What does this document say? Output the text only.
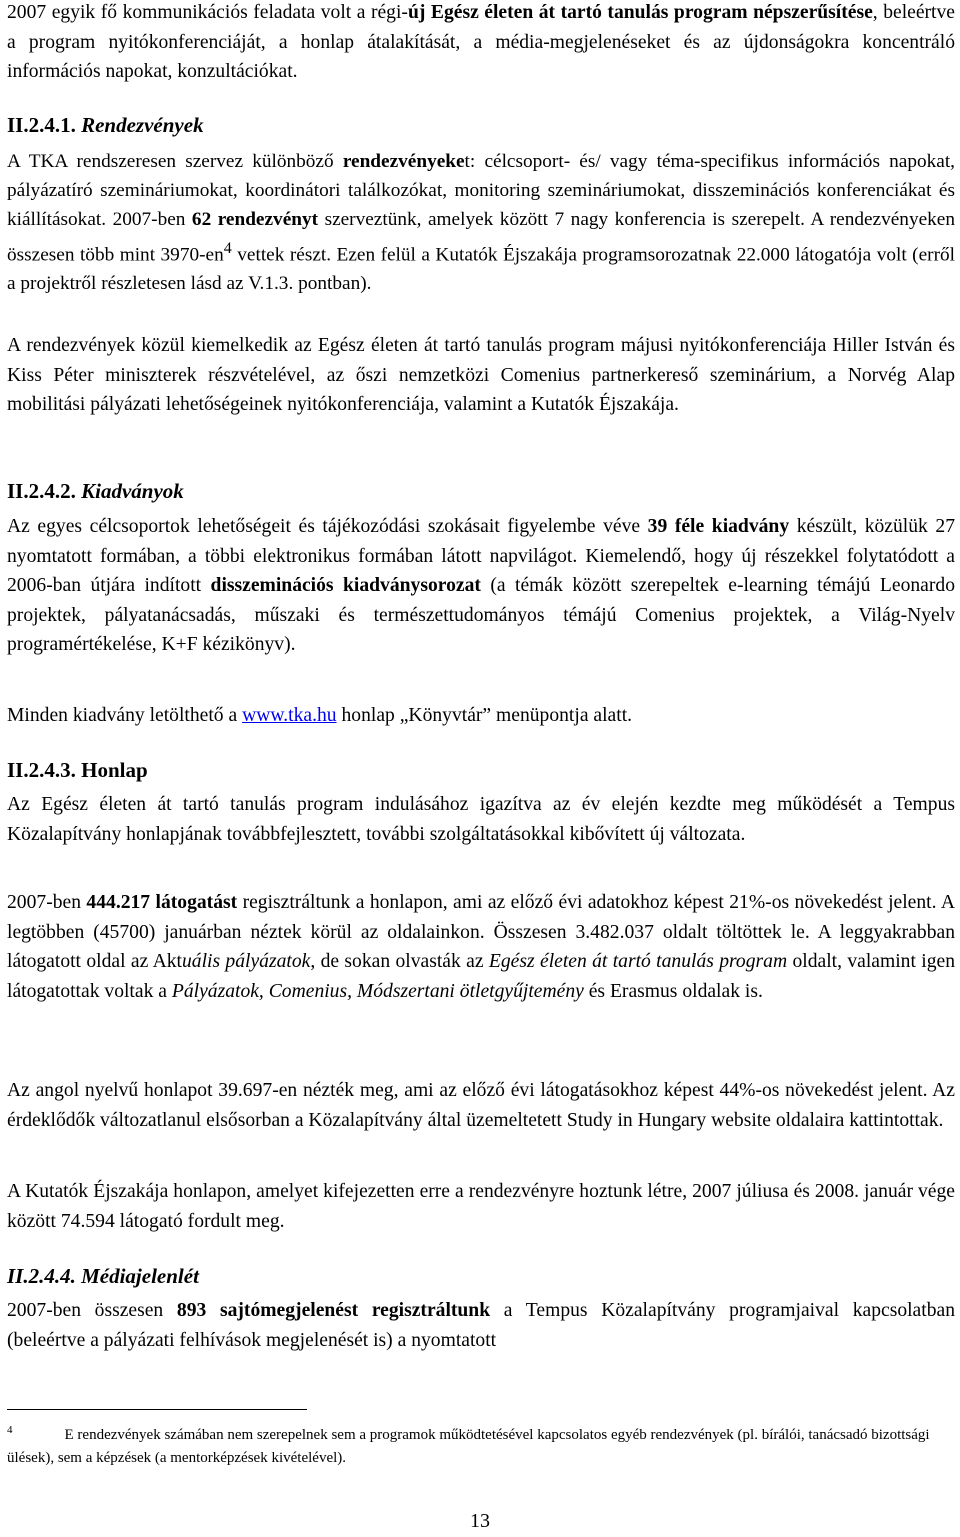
2007 egyik fő kommunikációs feladata volt a régi-új Egész életen át tartó tanulás program népszerűsítése, beleértve a program nyitókonferenciáját, a honlap átalakítását, a média-megjelenéseket és az újdonságokra koncentráló információs napokat, konzultációkat.

II.2.4.1. Rendezvények

A TKA rendszeresen szervez különböző rendezvényeket: célcsoport- és/ vagy téma-specifikus információs napokat, pályázatíró szemináriumokat, koordinátori találkozókat, monitoring szemináriumokat, disszeminációs konferenciákat és kiállításokat. 2007-ben 62 rendezvényt szerveztünk, amelyek között 7 nagy konferencia is szerepelt. A rendezvényeken összesen több mint $3970-en^4$ vettek részt. Ezen felül a Kutatók Éjszakája programsorozatnak 22.000 látogatója volt (erről a projektről részletesen lásd az V.1.3. pontban).

A rendezvények közül kiemelkedik az Egész életen át tartó tanulás program májusi nyitókonferenciája Hiller István és Kiss Péter miniszterek részvételével, az őszi nemzetközi Comenius partnerkereső szeminárium, a Norvég Alap mobilitási pályázati lehetőségeinek nyitókonferenciája, valamint a Kutatók Éjszakája.

II.2.4.2. Kiadványok

Az egyes célcsoportok lehetőségeit és tájékozódási szokásait figyelembe véve 39 féle kiadvány készült, közülük 27 nyomtatott formában, a többi elektronikus formában látott napvilágot. Kiemelendő, hogy új részekkel folytatódott a 2006-ban útjára indított disszeminációs kiadványsorozat (a témák között szerepeltek e-learning témájú Leonardo projektek, pályatanácsadás, műszaki és természettudományos témájú Comenius projektek, a Világ-Nyelv programértékelése, K+F kézikönyv).

Minden kiadvány letölthető a www.tka.hu honlap „Könyvtár” menüpontja alatt.

II.2.4.3. Honlap

Az Egész életen át tartó tanulás program indulásához igazítva az év elején kezdte meg működését a Tempus Közalapítvány honlapjának továbbfejlesztett, további szolgáltatásokkal kibővített új változata.

2007-ben 444.217 látogatást regisztráltunk a honlapon, ami az előző évi adatokhoz képest 21%-os növekedést jelent. A legtöbben (45700) januárban néztek körül az oldalainkon. Összesen 3.482.037 oldalt töltöttek le. A leggyakrabban látogatott oldal az Aktuális pályázatok, de sokan olvasták az Egész életen át tartó tanulás program oldalt, valamint igen látogatottak voltak a Pályázatok, Comenius, Módszertani ötletgyűjtemény és Erasmus oldalak is.

Az angol nyelvű honlapot 39.697-en nézték meg, ami az előző évi látogatásokhoz képest 44%-os növekedést jelent. Az érdeklődők változatlanul elsősorban a Közalapítvány által üzemeltetett Study in Hungary website oldalaira kattintottak.

A Kutatók Éjszakája honlapon, amelyet kifejezetten erre a rendezvényre hoztunk létre, 2007 júliusa és 2008. január vége között 74.594 látogató fordult meg.

II.2.4.4. Médiajelenlét

2007-ben összesen 893 sajtómegjelenést regisztráltunk a Tempus Közalapítvány programjaival kapcsolatban (beleértve a pályázati felhívások megjelenését is) a nyomtatott

$^4$	E rendezvények számában nem szerepelnek sem a programok működtetésével kapcsolatos egyéb rendezvények (pl. bírálói, tanácsadó bizottsági ülések), sem a képzések (a mentorképzések kivételével).
13
